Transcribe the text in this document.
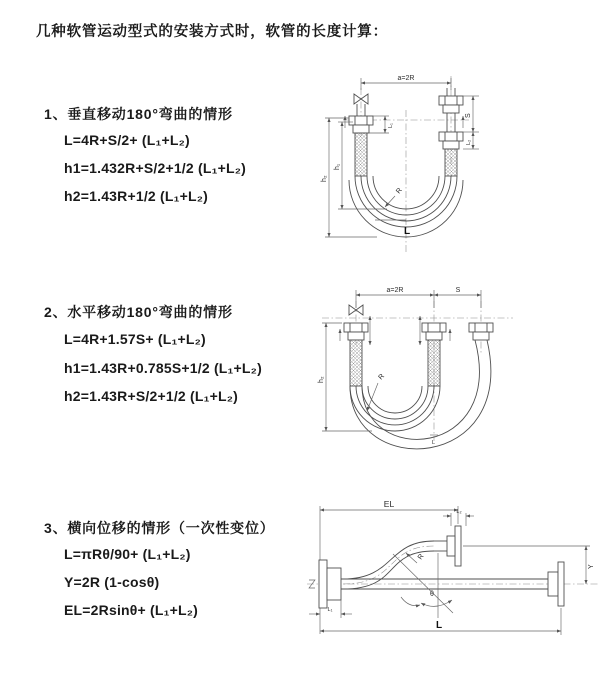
几种软管运动型式的安装方式时，软管的长度计算：
1、垂直移动180°弯曲的情形
L=4R+S/2+ (L₁+L₂)
h1=1.432R+S/2+1/2 (L₁+L₂)
h2=1.43R+1/2 (L₁+L₂)
2、水平移动180°弯曲的情形
L=4R+1.57S+ (L₁+L₂)
h1=1.43R+0.785S+1/2 (L₁+L₂)
h2=1.43R+S/2+1/2 (L₁+L₂)
3、横向位移的情形（一次性变位）
L=πRθ/90+ (L₁+L₂)
Y=2R (1-cosθ)
EL=2Rsinθ+ (L₁+L₂)
a=2R
h₂
h₁
L₁
S
L₂
R
L
a=2R	S
h₂	R
L
EL
L₂
Y
L₁
L
θ
R
